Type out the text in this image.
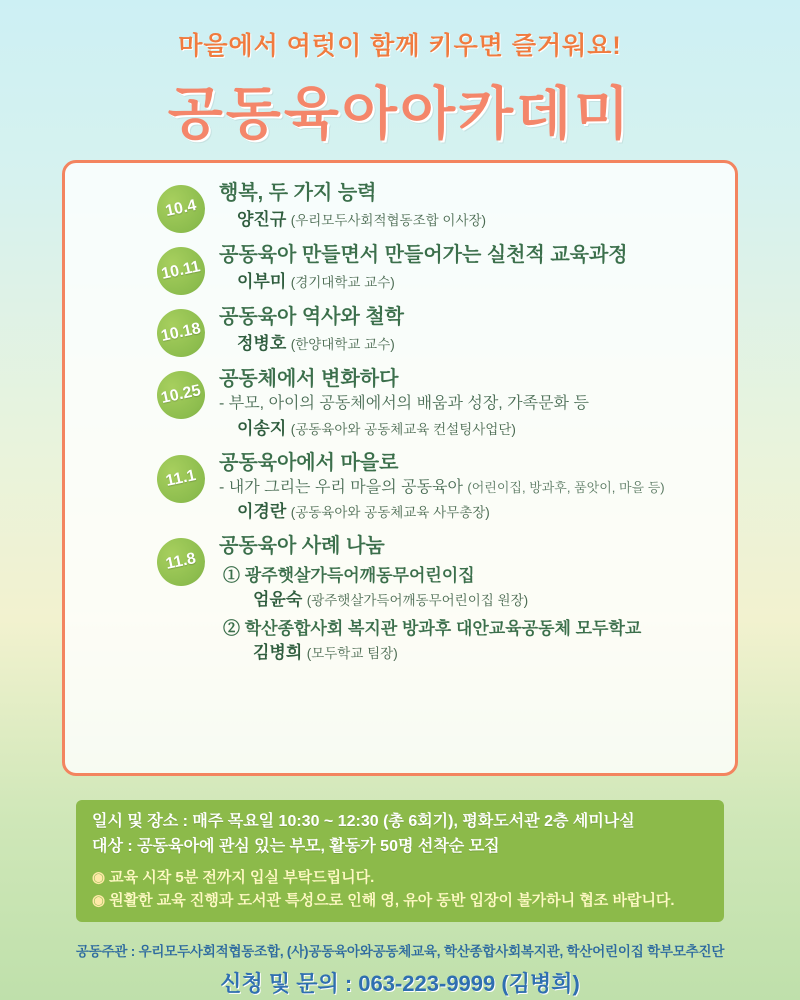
마을에서 여럿이 함께 키우면 즐거워요!
공동육아아카데미
10.4
행복, 두 가지 능력
양진규 (우리모두사회적협동조합 이사장)
10.11
공동육아 만들면서 만들어가는 실천적 교육과정
이부미 (경기대학교 교수)
10.18
공동육아 역사와 철학
정병호 (한양대학교 교수)
10.25
공동체에서 변화하다
- 부모, 아이의 공동체에서의 배움과 성장, 가족문화 등
이송지 (공동육아와 공동체교육 컨설팅사업단)
11.1
공동육아에서 마을로
- 내가 그리는 우리 마을의 공동육아 (어린이집, 방과후, 품앗이, 마을 등)
이경란 (공동육아와 공동체교육 사무총장)
11.8
공동육아 사례 나눔
① 광주햇살가득어깨동무어린이집
엄윤숙 (광주햇살가득어깨동무어린이집 원장)
② 학산종합사회 복지관 방과후 대안교육공동체 모두학교
김병희 (모두학교 팀장)
일시 및 장소 : 매주 목요일 10:30 ~ 12:30 (총 6회기), 평화도서관 2층 세미나실
대상 : 공동육아에 관심 있는 부모, 활동가 50명 선착순 모집
◉ 교육 시작 5분 전까지 입실 부탁드립니다.
◉ 원활한 교육 진행과 도서관 특성으로 인해 영, 유아 동반 입장이 불가하니 협조 바랍니다.
공동주관 : 우리모두사회적협동조합, (사)공동육아와공동체교육, 학산종합사회복지관, 학산어린이집 학부모추진단
신청 및 문의 : 063-223-9999 (김병희)
